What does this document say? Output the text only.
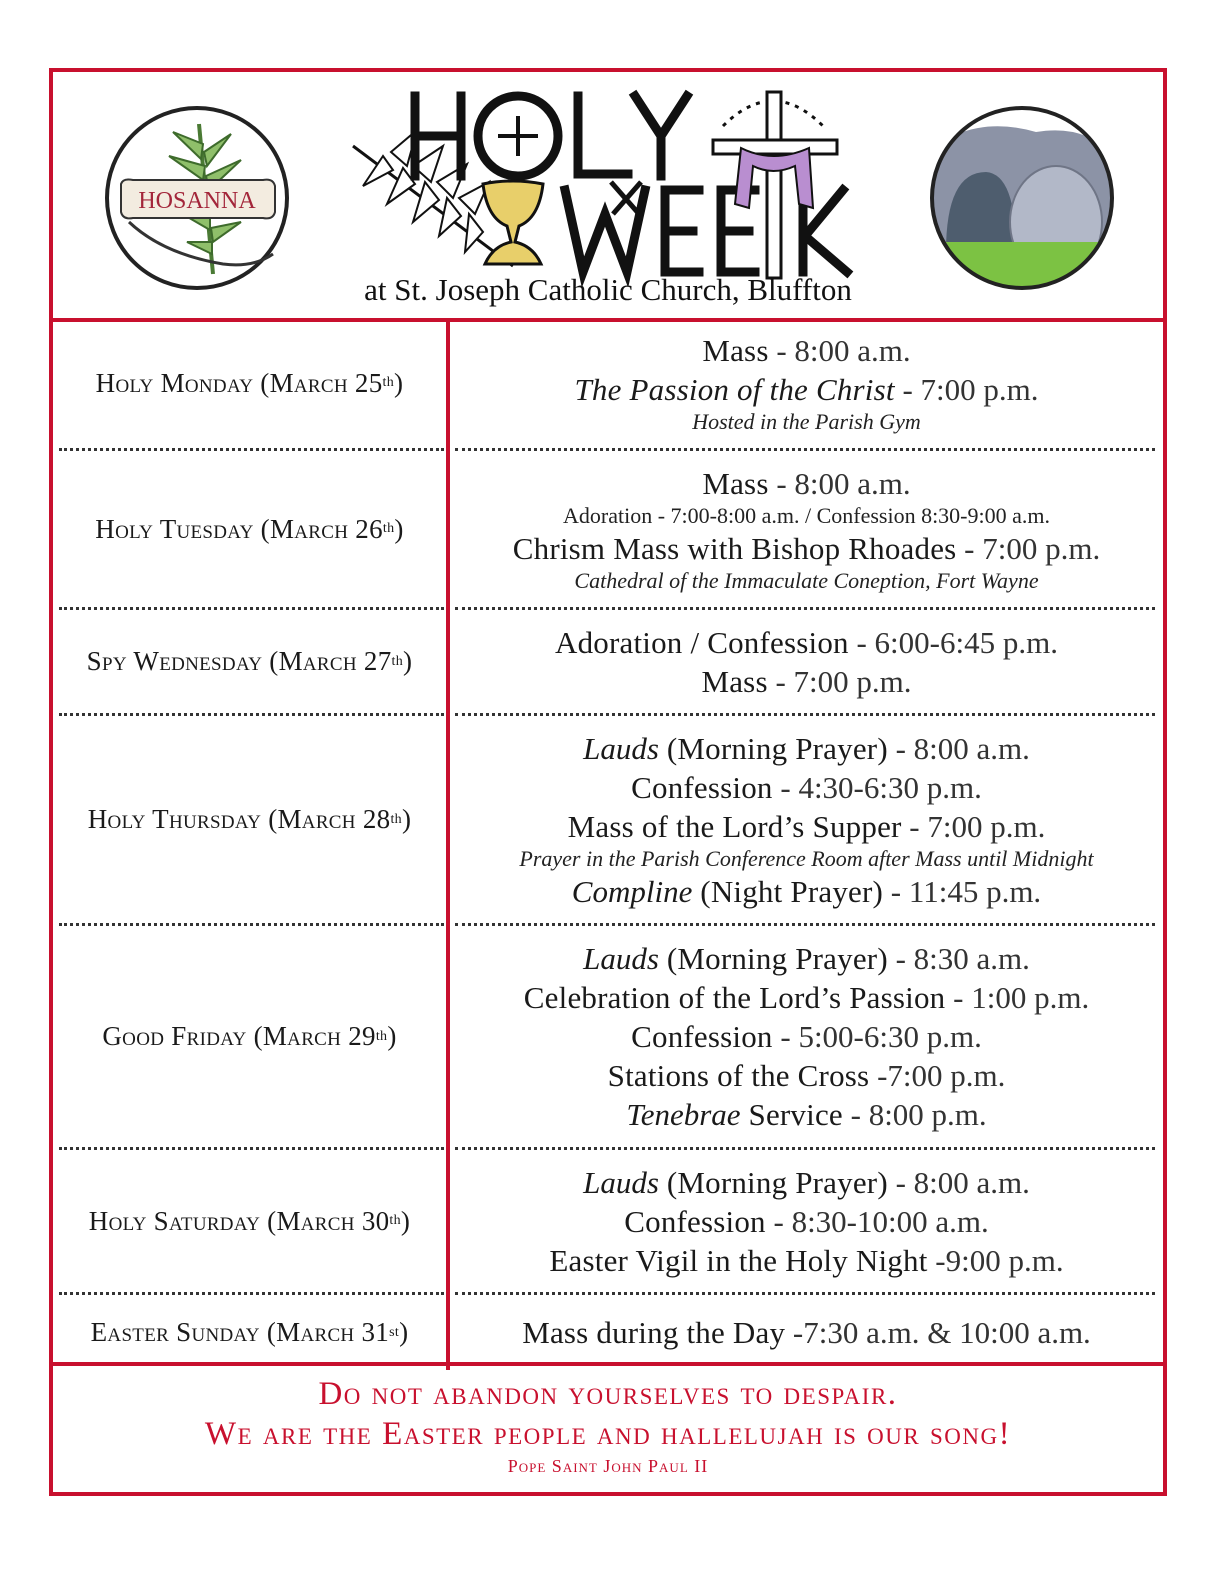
HOSANNA
at St. Joseph Catholic Church, Bluffton
Holy Monday (March 25 th )
Mass - 8:00 a.m.
The Passion of the Christ - 7:00 p.m.
Hosted in the Parish Gym
Holy Tuesday (March 26 th )
Mass - 8:00 a.m.
Adoration - 7:00-8:00 a.m. / Confession 8:30-9:00 a.m.
Chrism Mass with Bishop Rhoades - 7:00 p.m.
Cathedral of the Immaculate Coneption, Fort Wayne
Spy Wednesday (March 27 th )
Adoration / Confession - 6:00-6:45 p.m.
Mass - 7:00 p.m.
Holy Thursday (March 28 th )
Lauds (Morning Prayer) - 8:00 a.m.
Confession - 4:30-6:30 p.m.
Mass of the Lord’s Supper - 7:00 p.m.
Prayer in the Parish Conference Room after Mass until Midnight
Compline (Night Prayer) - 11:45 p.m.
Good Friday (March 29 th )
Lauds (Morning Prayer) - 8:30 a.m.
Celebration of the Lord’s Passion - 1:00 p.m.
Confession - 5:00-6:30 p.m.
Stations of the Cross -7:00 p.m.
Tenebrae Service - 8:00 p.m.
Holy Saturday (March 30 th )
Lauds (Morning Prayer) - 8:00 a.m.
Confession - 8:30-10:00 a.m.
Easter Vigil in the Holy Night -9:00 p.m.
Easter Sunday (March 31 st )	Mass during the Day -7:30 a.m. & 10:00 a.m.
Do not abandon yourselves to despair.
We are the Easter people and hallelujah is our song!
Pope Saint John Paul II
